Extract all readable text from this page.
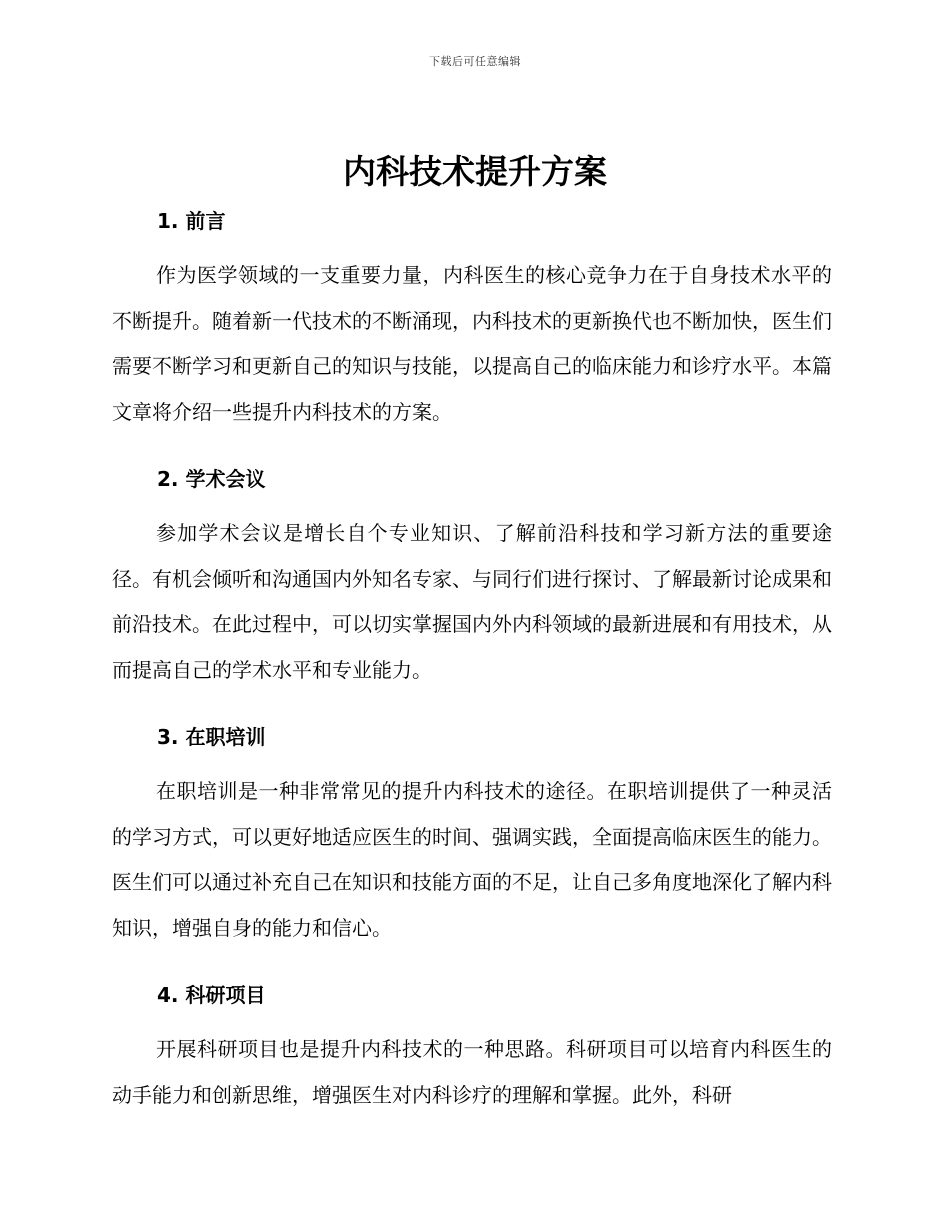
下载后可任意编辑
内科技术提升方案
1. 前言

作为医学领域的一支重要力量，内科医生的核心竞争力在于自身技术水平的不断提升。随着新一代技术的不断涌现，内科技术的更新换代也不断加快，医生们需要不断学习和更新自己的知识与技能，以提高自己的临床能力和诊疗水平。本篇文章将介绍一些提升内科技术的方案。

2. 学术会议

参加学术会议是增长自个专业知识、了解前沿科技和学习新方法的重要途径。有机会倾听和沟通国内外知名专家、与同行们进行探讨、了解最新讨论成果和前沿技术。在此过程中，可以切实掌握国内外内科领域的最新进展和有用技术，从而提高自己的学术水平和专业能力。

3. 在职培训

在职培训是一种非常常见的提升内科技术的途径。在职培训提供了一种灵活的学习方式，可以更好地适应医生的时间、强调实践，全面提高临床医生的能力。医生们可以通过补充自己在知识和技能方面的不足，让自己多角度地深化了解内科知识，增强自身的能力和信心。

4. 科研项目

开展科研项目也是提升内科技术的一种思路。科研项目可以培育内科医生的动手能力和创新思维，增强医生对内科诊疗的理解和掌握。此外，科研
